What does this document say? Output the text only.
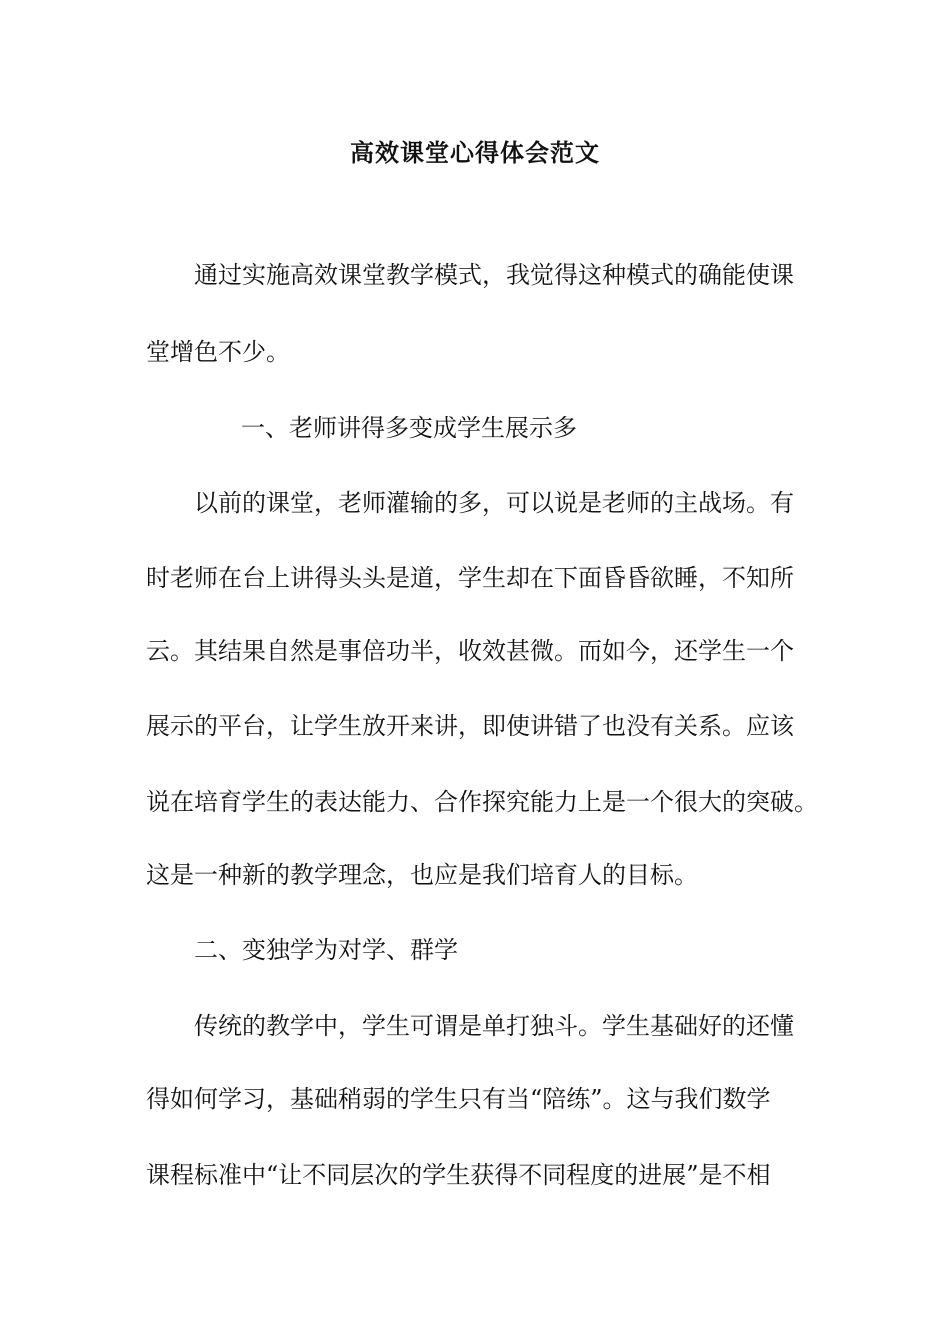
高效课堂心得体会范文
通过实施高效课堂教学模式，我觉得这种模式的确能使课
堂增色不少。
一、老师讲得多变成学生展示多
以前的课堂，老师灌输的多，可以说是老师的主战场。有
时老师在台上讲得头头是道，学生却在下面昏昏欲睡，不知所
云。其结果自然是事倍功半，收效甚微。而如今，还学生一个
展示的平台，让学生放开来讲，即使讲错了也没有关系。应该
说在培育学生的表达能力、合作探究能力上是一个很大的突破。
这是一种新的教学理念，也应是我们培育人的目标。
二、变独学为对学、群学
传统的教学中，学生可谓是单打独斗。学生基础好的还懂
得如何学习，基础稍弱的学生只有当“陪练”。这与我们数学
课程标准中“让不同层次的学生获得不同程度的进展”是不相
